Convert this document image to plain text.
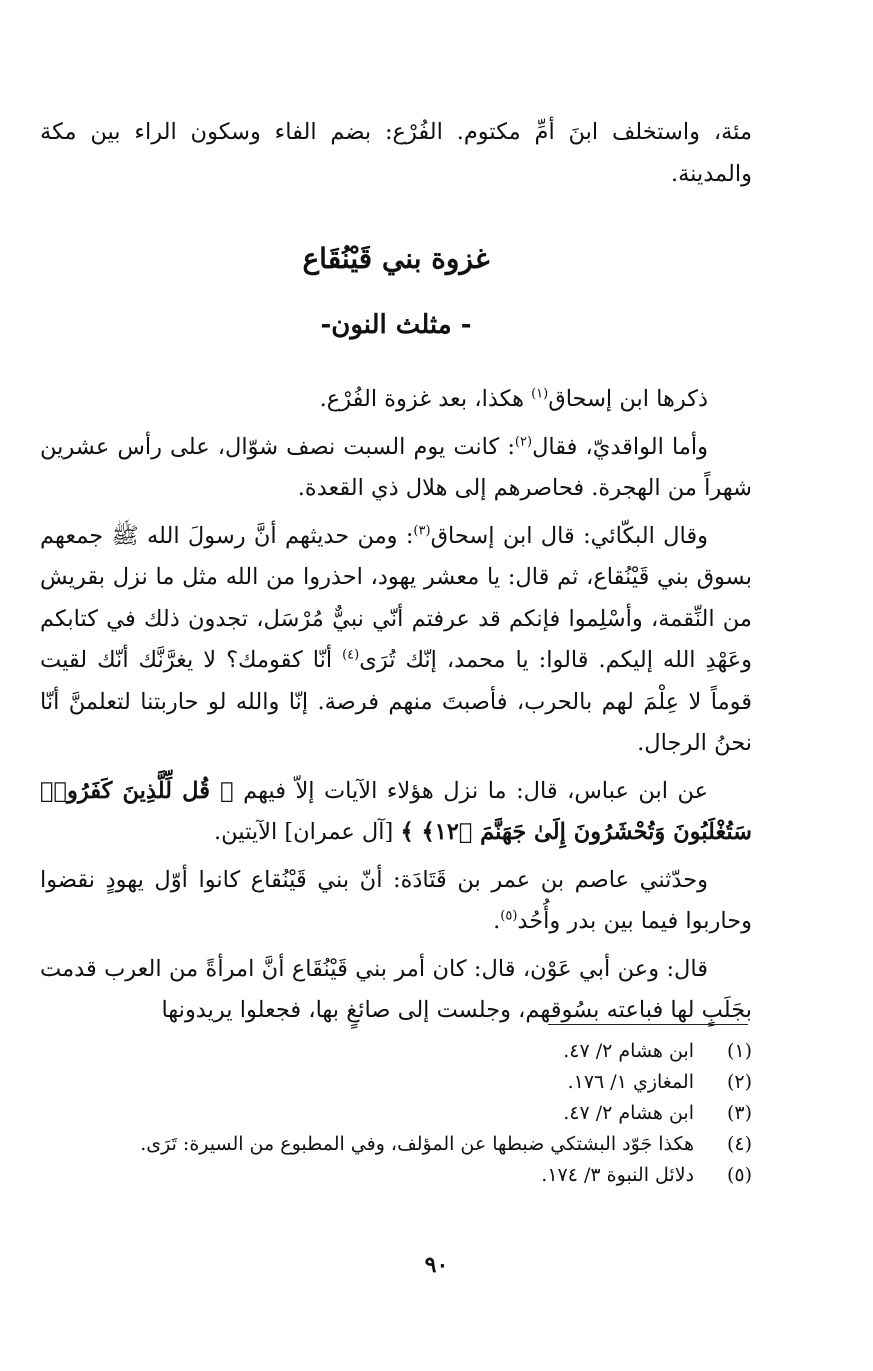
مئة، واستخلف ابنَ أمِّ مكتوم. الفُرْع: بضم الفاء وسكون الراء بين مكة والمدينة.

غزوة بني قَيْنُقَاع
- مثلث النون-

ذكرها ابن إسحاق$^{(١)}$ هكذا، بعد غزوة الفُرْع.

وأما الواقديّ، فقال$^{(٢)}$: كانت يوم السبت نصف شوّال، على رأس عشرين شهراً من الهجرة. فحاصرهم إلى هلال ذي القعدة.

وقال البكّائي: قال ابن إسحاق$^{(٣)}$: ومن حديثهم أنَّ رسولَ الله ﷺ جمعهم بسوق بني قَيْنُقاع، ثم قال: يا معشر يهود، احذروا من الله مثل ما نزل بقريش من النِّقمة، وأسْلِموا فإنكم قد عرفتم أنّي نبيٌّ مُرْسَل، تجدون ذلك في كتابكم وعَهْدِ الله إليكم. قالوا: يا محمد، إنّك تُرَى$^{(٤)}$ أنّا كقومك؟ لا يغرَّنَّك أنّك لقيت قوماً لا عِلْمَ لهم بالحرب، فأصبتَ منهم فرصة. إنّا والله لو حاربتنا لتعلمنَّ أنّا نحنُ الرجال.

عن ابن عباس، قال: ما نزل هؤلاء الآيات إلاّ فيهم ﴿ قُل لِّلَّذِينَ كَفَرُوا۟ سَتُغْلَبُونَ وَتُحْشَرُونَ إِلَىٰ جَهَنَّمَ ﴿١٢﴾ ﴾ [آل عمران] الآيتين.

وحدّثني عاصم بن عمر بن قَتَادَة: أنّ بني قَيْنُقاع كانوا أوّل يهودٍ نقضوا وحاربوا فيما بين بدر وأُحُد$^{(٥)}$.

قال: وعن أبي عَوْن، قال: كان أمر بني قَيْنُقَاع أنَّ امرأةً من العرب قدمت بجَلَبٍ لها فباعته بسُوقهم، وجلست إلى صائغٍ بها، فجعلوا يريدونها

(١)
ابن هشام ٢/ ٤٧.
(٢)
المغازي ١/ ١٧٦.
(٣)
ابن هشام ٢/ ٤٧.
(٤)
هكذا جَوّد البشتكي ضبطها عن المؤلف، وفي المطبوع من السيرة: تَرَى.
(٥)
دلائل النبوة ٣/ ١٧٤.
٩٠
